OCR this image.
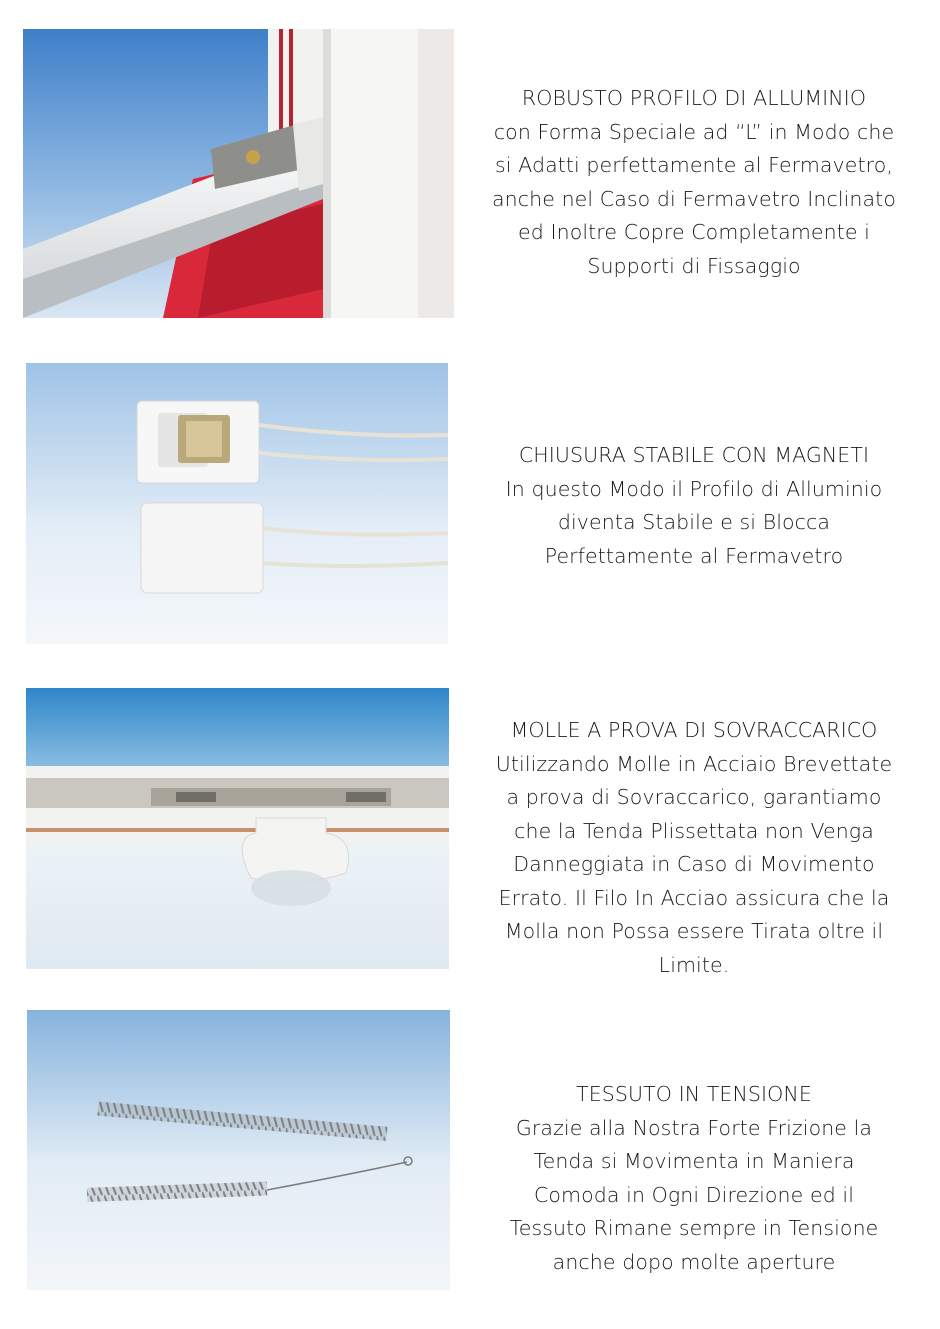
ROBUSTO PROFILO DI ALLUMINIO
con Forma Speciale ad “L” in Modo che
si Adatti perfettamente al Fermavetro,
anche nel Caso di Fermavetro Inclinato
ed Inoltre Copre Completamente i
Supporti di Fissaggio
CHIUSURA STABILE CON MAGNETI
In questo Modo il Profilo di Alluminio
diventa Stabile e si Blocca
Perfettamente al Fermavetro
MOLLE A PROVA DI SOVRACCARICO
Utilizzando Molle in Acciaio Brevettate
a prova di Sovraccarico, garantiamo
che la Tenda Plissettata non Venga
Danneggiata in Caso di Movimento
Errato. Il Filo In Acciao assicura che la
Molla non Possa essere Tirata oltre il
Limite.
TESSUTO IN TENSIONE
Grazie alla Nostra Forte Frizione la
Tenda si Movimenta in Maniera
Comoda in Ogni Direzione ed il
Tessuto Rimane sempre in Tensione
anche dopo molte aperture
